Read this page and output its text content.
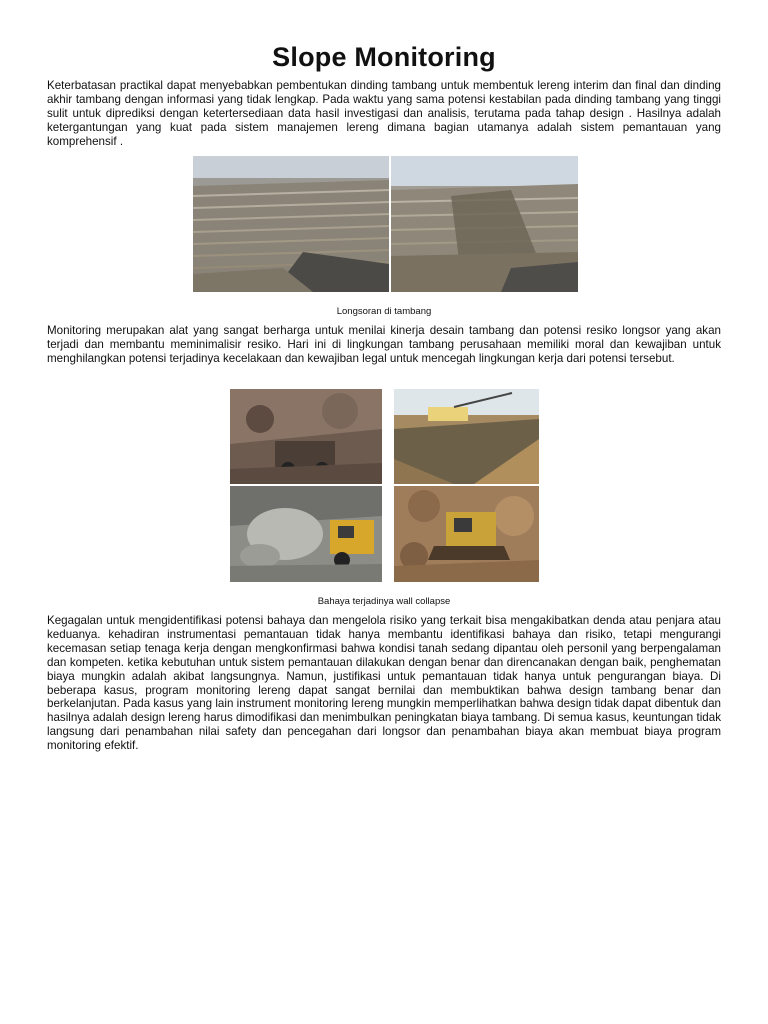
Slope Monitoring

Keterbatasan practikal dapat menyebabkan pembentukan dinding tambang untuk membentuk lereng interim dan final dan dinding akhir tambang dengan informasi yang tidak lengkap. Pada waktu yang sama potensi kestabilan pada dinding tambang yang tinggi sulit untuk diprediksi dengan ketertersediaan data hasil investigasi dan analisis, terutama pada tahap design . Hasilnya adalah ketergantungan yang kuat pada sistem manajemen lereng dimana bagian utamanya adalah sistem pemantauan yang komprehensif .

Longsoran di tambang

Monitoring merupakan alat yang sangat berharga untuk menilai kinerja desain tambang dan potensi resiko longsor yang akan terjadi dan membantu meminimalisir resiko. Hari ini di lingkungan tambang perusahaan memiliki moral dan kewajiban untuk menghilangkan potensi terjadinya kecelakaan dan kewajiban legal untuk mencegah lingkungan kerja dari potensi tersebut.

Bahaya terjadinya wall collapse

Kegagalan untuk mengidentifikasi potensi bahaya dan mengelola risiko yang terkait bisa mengakibatkan denda atau penjara atau keduanya. kehadiran instrumentasi pemantauan tidak hanya membantu identifikasi bahaya dan risiko, tetapi mengurangi kecemasan setiap tenaga kerja dengan mengkonfirmasi bahwa kondisi tanah sedang dipantau oleh personil yang berpengalaman dan kompeten. ketika kebutuhan untuk sistem pemantauan dilakukan dengan benar dan direncanakan dengan baik, penghematan biaya mungkin adalah akibat langsungnya. Namun, justifikasi untuk pemantauan tidak hanya untuk pengurangan biaya. Di beberapa kasus, program monitoring lereng dapat sangat bernilai dan membuktikan bahwa design tambang benar dan berkelanjutan. Pada kasus yang lain instrument monitoring lereng mungkin memperlihatkan bahwa design tidak dapat dibentuk dan hasilnya adalah design lereng harus dimodifikasi dan menimbulkan peningkatan biaya tambang. Di semua kasus, keuntungan tidak langsung dari penambahan nilai safety dan pencegahan dari longsor dan penambahan biaya akan membuat biaya program monitoring efektif.
